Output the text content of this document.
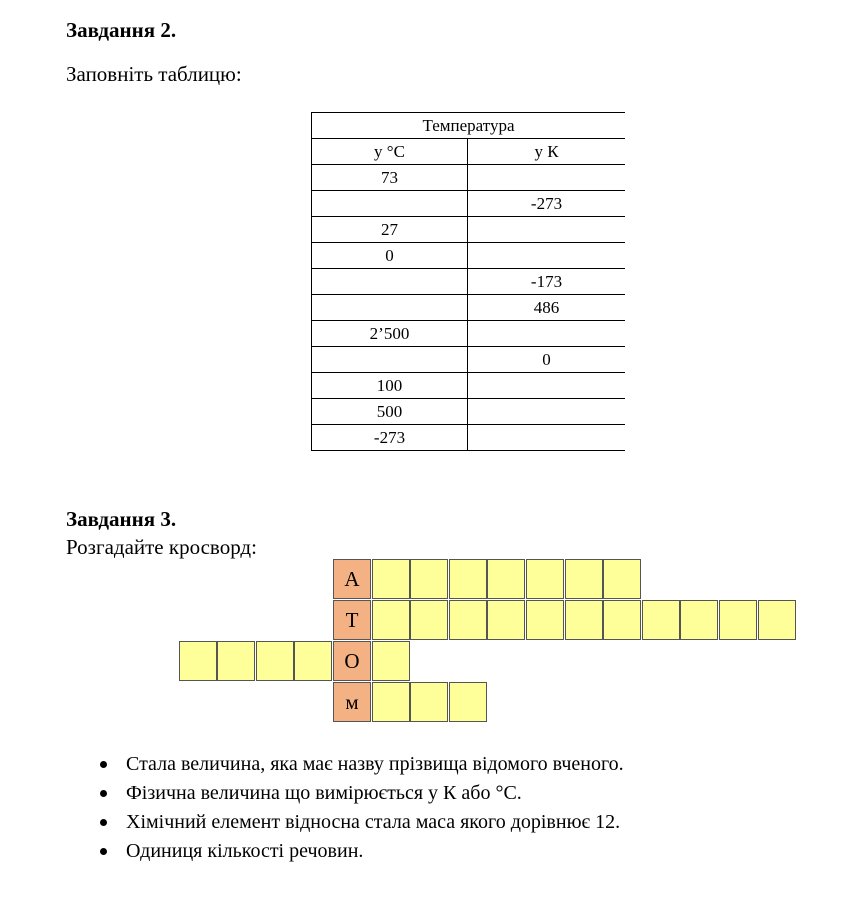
Завдання 2.
Заповніть таблицю:
Температура	
у °С	у К
73	
	-273
27	
0	
	-173
	486
2’500	
	0
100	
500	
-273	
Завдання 3.
Розгадайте кросворд:
А
Т
О
м
Стала величина, яка має назву прізвища відомого вченого.
Фізична величина що вимірюється у К або °С.
Хімічний елемент відносна стала маса якого дорівнює 12.
Одиниця кількості речовин.
